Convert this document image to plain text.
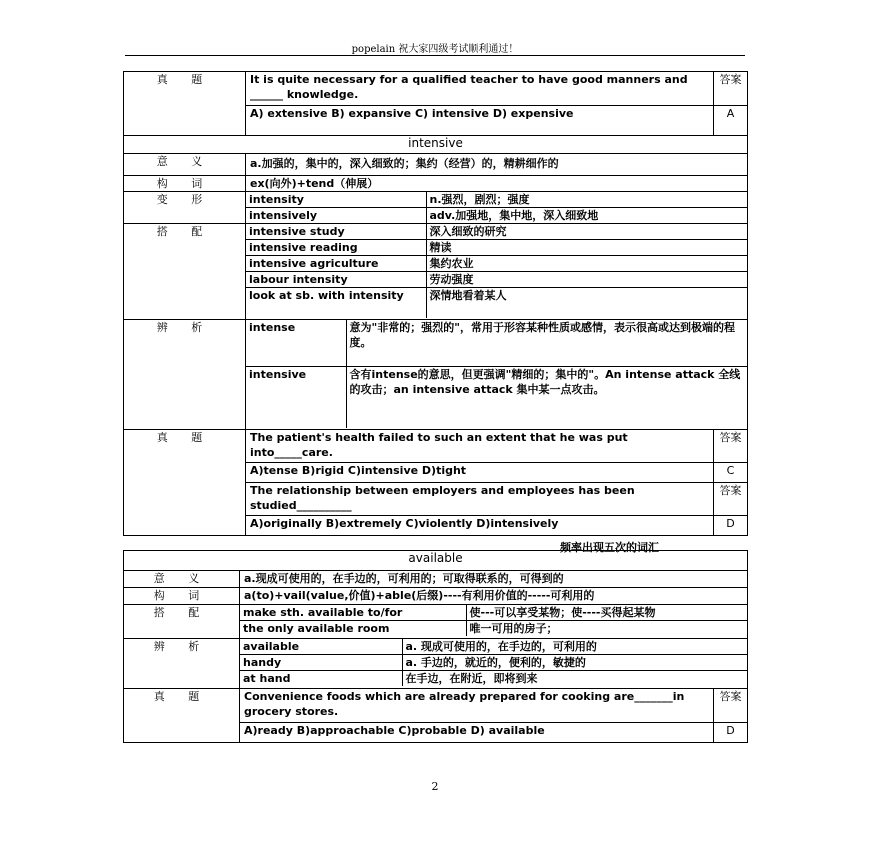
popelain 祝大家四级考试顺利通过！
真 题	It is quite necessary for a qualified teacher to have good manners and ______ knowledge.	答案
A) extensive B) expansive C) intensive D) expensive	A
intensive
意 义	a.加强的，集中的，深入细致的；集约（经营）的，精耕细作的
构 词	ex(向外)+tend（伸展）
变 形		intensity	n.强烈，剧烈；强度
intensively	adv.加强地，集中地，深入细致地

搭 配		intensive study	深入细致的研究
intensive reading	精读
intensive agriculture	集约农业
labour intensity	劳动强度
look at sb. with intensity	深情地看着某人

辨 析		intense	意为"非常的；强烈的"，常用于形容某种性质或感情，表示很高或达到极端的程度。
intensive	含有intense的意思，但更强调"精细的；集中的"。An intense attack 全线的攻击；an intensive attack 集中某一点攻击。

真 题	The patient's health failed to such an extent that he was put into_____care.	答案
A)tense B)rigid C)intensive D)tight	C
The relationship between employers and employees has been studied__________	答案
A)originally B)extremely C)violently D)intensively	D
频率出现五次的词汇
available
意 义	a.现成可使用的，在手边的，可利用的；可取得联系的，可得到的
构 词	a(to)+vail(value,价值)+able(后缀)----有利用价值的-----可利用的
搭 配		make sth. available to/for	使---可以享受某物；使----买得起某物
the only available room	唯一可用的房子；

辨 析		available	a. 现成可使用的，在手边的，可利用的
handy	a. 手边的，就近的，便利的，敏捷的
at hand	在手边，在附近，即将到来

真 题	Convenience foods which are already prepared for cooking are_______in grocery stores.	答案
A)ready B)approachable C)probable D) available	D
2
